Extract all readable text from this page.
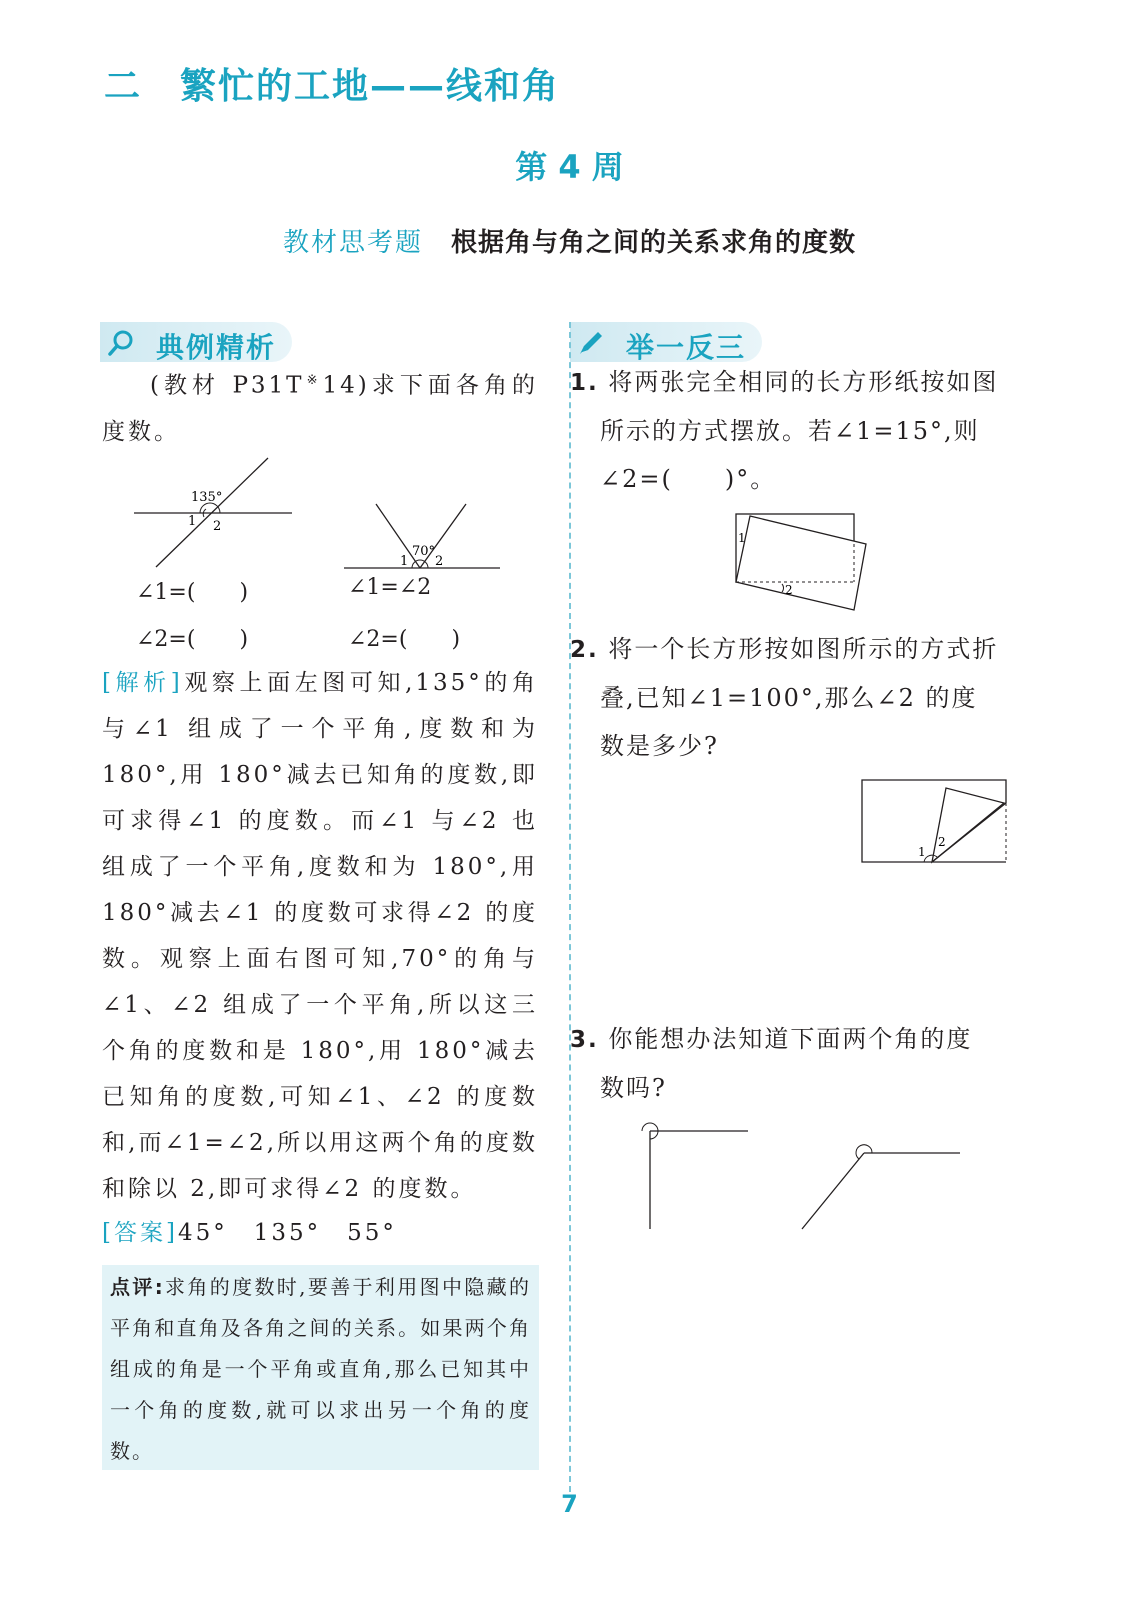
二　繁忙的工地——线和角
第 4 周
教材思考题 根据角与角之间的关系求角的度数
典例精析	举一反三
(教材 P31T※14)求下面各角的度数。
135°
1 2
70°
1 2
∠1=(　　)
∠2=(　　)
∠1=∠2
∠2=(　　)
[解析]观察上面左图可知,135°的角与∠1 组成了一个平角,度数和为 180°,用 180°减去已知角的度数,即可求得∠1 的度数。而∠1 与∠2 也组成了一个平角,度数和为 180°,用 180°减去∠1 的度数可求得∠2 的度数。观察上面右图可知,70°的角与∠1、∠2 组成了一个平角,所以这三个角的度数和是 180°,用 180°减去已知角的度数,可知∠1、∠2 的度数和,而∠1=∠2,所以用这两个角的度数和除以 2,即可求得∠2 的度数。
[答案]45°　135°　55°
点评:求角的度数时,要善于利用图中隐藏的平角和直角及各角之间的关系。如果两个角组成的角是一个平角或直角,那么已知其中一个角的度数,就可以求出另一个角的度数。
1. 将两张完全相同的长方形纸按如图
所示的方式摆放。若∠1=15°,则
∠2=(　　)°。
1
2
2. 将一个长方形按如图所示的方式折
叠,已知∠1=100°,那么∠2 的度
数是多少?
1
2
3. 你能想办法知道下面两个角的度
数吗?
7
